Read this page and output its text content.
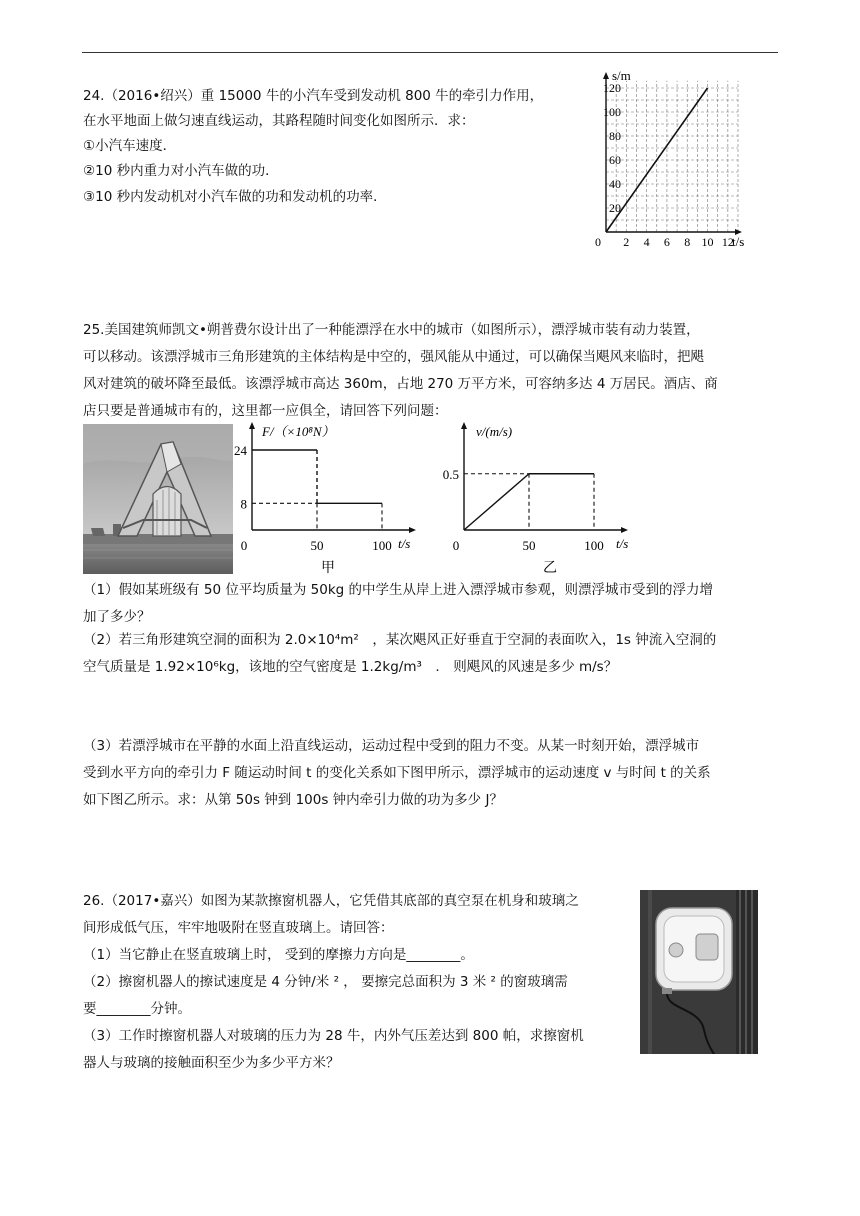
24.（2016•绍兴）重 15000 牛的小汽车受到发动机 800 牛的牵引力作用，
在水平地面上做匀速直线运动，其路程随时间变化如图所示．求：
①小汽车速度．
②10 秒内重力对小汽车做的功．
③10 秒内发动机对小汽车做的功和发动机的功率．
s/m
t/s
0 2 4 6 8 10 12
20
40
60
80
100
120
25.美国建筑师凯文•朔普费尔设计出了一种能漂浮在水中的城市（如图所示），漂浮城市装有动力装置，
可以移动。该漂浮城市三角形建筑的主体结构是中空的，强风能从中通过，可以确保当飓风来临时，把飓
风对建筑的破坏降至最低。该漂浮城市高达 360m，占地 270 万平方米，可容纳多达 4 万居民。酒店、商
店只要是普通城市有的，这里都一应俱全，请回答下列问题：
F/（×10⁸N）
t/s
甲
0	50	100
24
8
v/(m/s)
t/s
乙
0	50	100
0.5
（1）假如某班级有 50 位平均质量为 50kg 的中学生从岸上进入漂浮城市参观，则漂浮城市受到的浮力增
加了多少？
（2）若三角形建筑空洞的面积为 2.0×10⁴m²　，某次飓风正好垂直于空洞的表面吹入，1s 钟流入空洞的
空气质量是 1.92×10⁶kg，该地的空气密度是 1.2kg/m³　.　则飓风的风速是多少 m/s？
（3）若漂浮城市在平静的水面上沿直线运动，运动过程中受到的阻力不变。从某一时刻开始，漂浮城市
受到水平方向的牵引力 F 随运动时间 t 的变化关系如下图甲所示，漂浮城市的运动速度 v 与时间 t 的关系
如下图乙所示。求：从第 50s 钟到 100s 钟内牵引力做的功为多少 J？
26.（2017•嘉兴）如图为某款擦窗机器人，它凭借其底部的真空泵在机身和玻璃之
间形成低气压，牢牢地吸附在竖直玻璃上。请回答：
（1）当它静止在竖直玻璃上时， 受到的摩擦力方向是________。
（2）擦窗机器人的擦试速度是 4 分钟/米 ² ， 要擦完总面积为 3 米 ² 的窗玻璃需
要________分钟。
（3）工作时擦窗机器人对玻璃的压力为 28 牛，内外气压差达到 800 帕，求擦窗机
器人与玻璃的接触面积至少为多少平方米？
